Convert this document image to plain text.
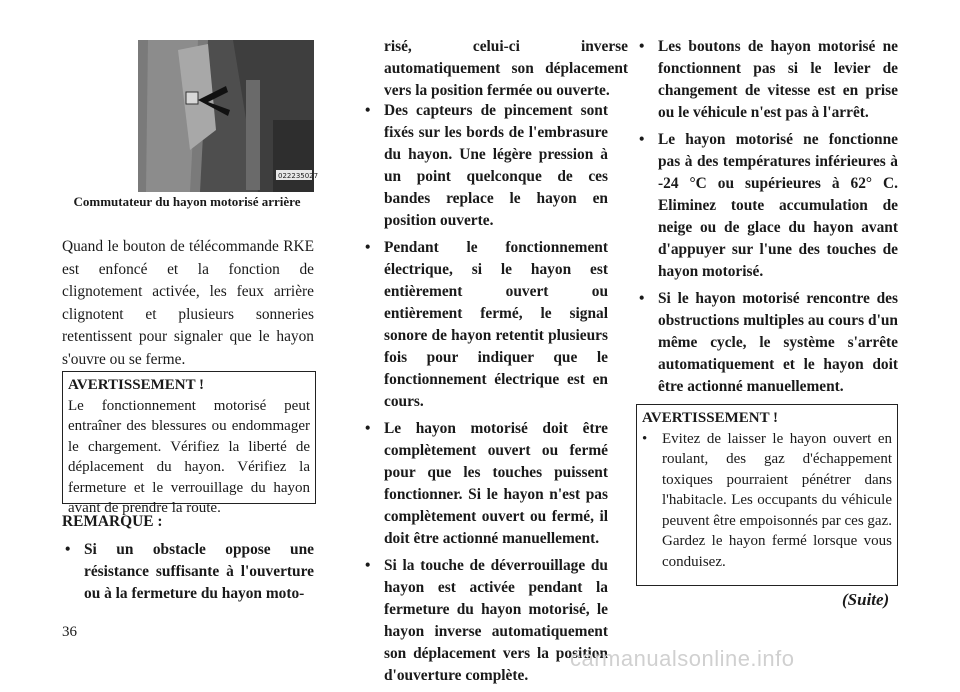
022235027
Commutateur du hayon motorisé arrière

Quand le bouton de télécommande RKE est enfoncé et la fonction de clignotement activée, les feux arrière clignotent et plusieurs sonneries retentissent pour signaler que le hayon s'ouvre ou se ferme.

AVERTISSEMENT !
Le fonctionnement motorisé peut entraîner des blessures ou endommager le chargement. Vérifiez la liberté de déplacement du hayon. Vérifiez la fermeture et le verrouillage du hayon avant de prendre la route.
REMARQUE :
• Si un obstacle oppose une résistance suffisante à l'ouverture ou à la fermeture du hayon moto-

risé, celui-ci inverse automatiquement son déplacement vers la position fermée ou ouverte.

• Des capteurs de pincement sont fixés sur les bords de l'embrasure du hayon. Une légère pression à un point quelconque de ces bandes replace le hayon en position ouverte.
• Pendant le fonctionnement électrique, si le hayon est entièrement ouvert ou entièrement fermé, le signal sonore de hayon retentit plusieurs fois pour indiquer que le fonctionnement électrique est en cours.
• Le hayon motorisé doit être complètement ouvert ou fermé pour que les touches puissent fonctionner. Si le hayon n'est pas complètement ouvert ou fermé, il doit être actionné manuellement.
• Si la touche de déverrouillage du hayon est activée pendant la fermeture du hayon motorisé, le hayon inverse automatiquement son déplacement vers la position d'ouverture complète.
• Les boutons de hayon motorisé ne fonctionnent pas si le levier de changement de vitesse est en prise ou le véhicule n'est pas à l'arrêt.
• Le hayon motorisé ne fonctionne pas à des températures inférieures à -24 °C ou supérieures à 62° C. Eliminez toute accumulation de neige ou de glace du hayon avant d'appuyer sur l'une des touches de hayon motorisé.
• Si le hayon motorisé rencontre des obstructions multiples au cours d'un même cycle, le système s'arrête automatiquement et le hayon doit être actionné manuellement.
AVERTISSEMENT !
• Evitez de laisser le hayon ouvert en roulant, des gaz d'échappement toxiques pourraient pénétrer dans l'habitacle. Les occupants du véhicule peuvent être empoisonnés par ces gaz. Gardez le hayon fermé lorsque vous conduisez.
(Suite)
36
carmanualsonline.info
